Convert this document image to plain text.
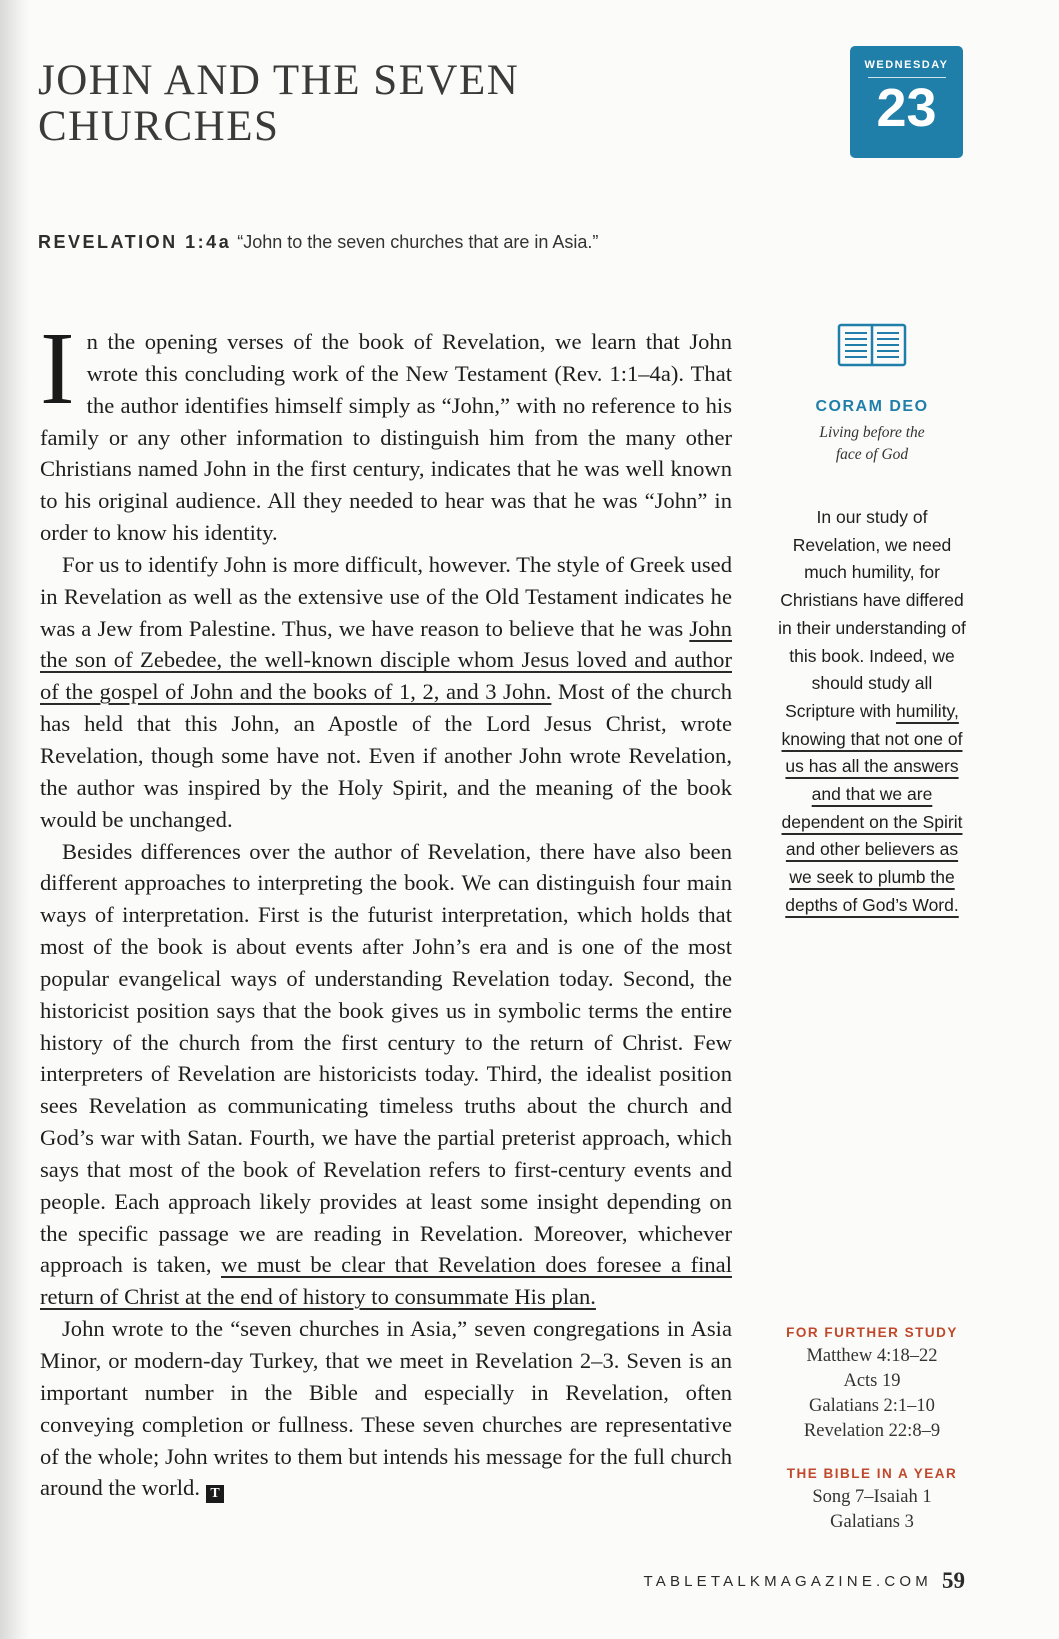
JOHN AND THE SEVEN
CHURCHES
WEDNESDAY
23
REVELATION 1:4a “John to the seven churches that are in Asia.”

In the opening verses of the book of Revelation, we learn that John wrote this concluding work of the New Testament (Rev. 1:1–4a). That the author identifies himself simply as “John,” with no reference to his family or any other information to distinguish him from the many other Christians named John in the first century, indicates that he was well known to his original audience. All they needed to hear was that he was “John” in order to know his identity.

For us to identify John is more difficult, however. The style of Greek used in Revelation as well as the extensive use of the Old Testament indicates he was a Jew from Palestine. Thus, we have reason to believe that he was John the son of Zebedee, the well-known disciple whom Jesus loved and author of the gospel of John and the books of 1, 2, and 3 John. Most of the church has held that this John, an Apostle of the Lord Jesus Christ, wrote Revelation, though some have not. Even if another John wrote Revelation, the author was inspired by the Holy Spirit, and the meaning of the book would be unchanged.

Besides differences over the author of Revelation, there have also been different approaches to interpreting the book. We can distinguish four main ways of interpretation. First is the futurist interpretation, which holds that most of the book is about events after John’s era and is one of the most popular evangelical ways of understanding Revelation today. Second, the historicist position says that the book gives us in symbolic terms the entire history of the church from the first century to the return of Christ. Few interpreters of Revelation are historicists today. Third, the idealist position sees Revelation as communicating timeless truths about the church and God’s war with Satan. Fourth, we have the partial preterist approach, which says that most of the book of Revelation refers to first-century events and people. Each approach likely provides at least some insight depending on the specific passage we are reading in Revelation. Moreover, whichever approach is taken, we must be clear that Revelation does foresee a final return of Christ at the end of history to consummate His plan.

John wrote to the “seven churches in Asia,” seven congregations in Asia Minor, or modern-day Turkey, that we meet in Revelation 2–3. Seven is an important number in the Bible and especially in Revelation, often conveying completion or fullness. These seven churches are representative of the whole; John writes to them but intends his message for the full church around the world. T

CORAM DEO
Living before the face of God
In our study of Revelation, we need much humility, for Christians have differed in their understanding of this book. Indeed, we should study all Scripture with humility, knowing that not one of us has all the answers and that we are dependent on the Spirit and other believers as we seek to plumb the depths of God’s Word.
FOR FURTHER STUDY
Matthew 4:18–22
Acts 19
Galatians 2:1–10
Revelation 22:8–9
THE BIBLE IN A YEAR
Song 7–Isaiah 1
Galatians 3
TABLETALKMAGAZINE.COM 59
